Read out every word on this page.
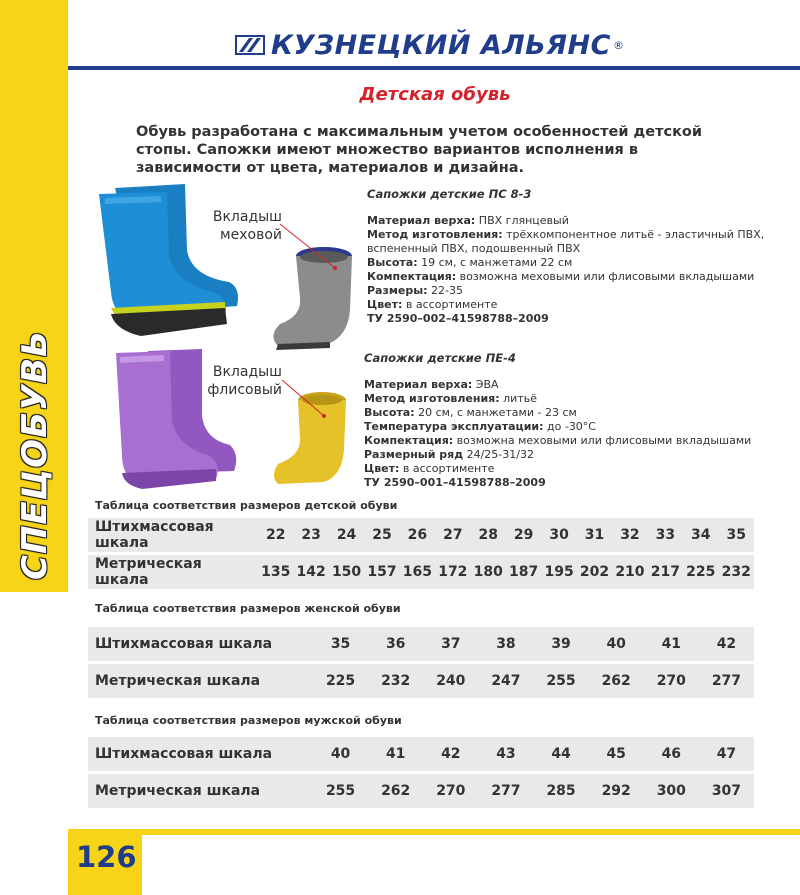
СПЕЦОБУВЬ
КУЗНЕЦКИЙ АЛЬЯНС ®
Детская обувь
Обувь разработана с максимальным учетом особенностей детской стопы. Сапожки имеют множество вариантов исполнения в зависимости от цвета, материалов и дизайна.
Вкладыш
меховой
Сапожки детские ПС 8-3
Материал верха: ПВХ глянцевый
Метод изготовления: трёхкомпонентное литьё - эластичный ПВХ, вспененный ПВХ, подошвенный ПВХ
Высота: 19 см, с манжетами 22 см
Компектация: возможна меховыми или флисовыми вкладышами
Размеры: 22-35
Цвет: в ассортименте
ТУ 2590–002–41598788–2009
Вкладыш
флисовый
Сапожки детские ПЕ-4
Материал верха: ЭВА
Метод изготовления: литьё
Высота: 20 см, с манжетами - 23 см
Температура эксплуатации: до -30°С
Компектация: возможна меховыми или флисовыми вкладышами
Размерный ряд 24/25-31/32
Цвет: в ассортименте
ТУ 2590–001–41598788–2009
Таблица соответствия размеров детской обуви
Штихмассовая шкала	22	23	24	25	26	27	28	29	30	31	32	33	34	35
Метрическая шкала	135	142	150	157	165	172	180	187	195	202	210	217	225	232
Таблица соответствия размеров женской обуви
Штихмассовая шкала	35	36	37	38	39	40	41	42
Метрическая шкала	225	232	240	247	255	262	270	277
Таблица соответствия размеров мужской обуви
Штихмассовая шкала	40	41	42	43	44	45	46	47
Метрическая шкала	255	262	270	277	285	292	300	307
126
